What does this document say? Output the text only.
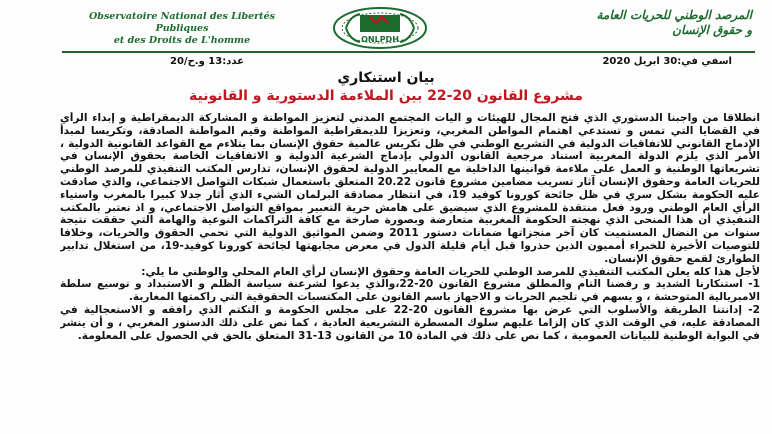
Observatoire National des Libertés Publiques
et des Droits de L'homme	ONLPDH
المرصد الوطني للحريات العامة
و حقوق الإنسان
عدد:13 و.ح/20	اسفي في:30 ابريل 2020
بيان استنكاري
مشروع القانون 20-22 بين الملاءمة الدستورية و القانونية

انطلاقا من واجبنا الدستوري الذي فتح المجال للهيئات و آليات المجتمع المدني لتعزيز المواطنة و المشاركة الديمقراطية و إبداء الرأي في القضايا التي تمس و تستدعي اهتمام المواطن المغربي، وتعزيزا للديمقراطية المواطنة وقيم المواطنة الصادقة، وتكريسا لمبدأ الإدماج القانوني للاتفاقيات الدولية في التشريع الوطني في ظل تكريس عالمية حقوق الإنسان بما يتلاءم مع القواعد القانونية الدولية ، الأمر الذي يلزم الدولة المغربية استناد مرجعية القانون الدولي بإدماج الشرعية الدولية و الاتفاقيات الخاصة بحقوق الإنسان في تشريعاتها الوطنية و العمل على ملاءمة قوانينها الداخلية مع المعايير الدولية لحقوق الإنسان، تدارس المكتب التنفيذي للمرصد الوطني للحريات العامة وحقوق الإنسان آثار تسريب مضامين مشروع قانون 20.22 المتعلق باستعمال شبكات التواصل الاجتماعي، والذي صادقت عليه الحكومة بشكل سري في ظل جائحة كورونا كوفيد 19، في انتظار مصادقة البرلمان الشيء الذي أثار جدلا كبيرا بالمغرب واستياء الرأي العام الوطني ورود فعل منتقدة للمشروع الذي سيضيق على هامش حرية التعبير بمواقع التواصل الاجتماعي، و اذ نعتبر بالمكتب التنفيذي أن هذا المنحى الذي نهجته الحكومة المغربية متعارضة وبصورة صارخة مع كافة التراكمات النوعية والهامة التي حققت نتيجة سنوات من النضال المستميت كان آخر منجزاتها ضمانات دستور 2011 وضمن المواثيق الدولية التي تحمي الحقوق والحريات، وخلافا للتوصيات الأخيرة للخبراء أمميون الذين حذروا قبل أيام قليلة الدول في معرض مجابهتها لجائحة كورونا كوفيد-19، من استغلال تدابير الطوارئ لقمع حقوق الإنسان.

لأجل هذا كله يعلن المكتب التنفيذي للمرصد الوطني للحريات العامة وحقوق الإنسان لرأي العام المحلي والوطني ما يلي:

1- استنكارنا الشديد و رفضنا التام والمطلق مشروع القانون 20-22،والذي يدعوا لشرعنة سياسة الظلم و الاستبداد و توسيع سلطة الامبريالية المتوحشة ، و يسهم في تلجيم الحريات و الاجهاز باسم القانون على المكتسبات الحقوقية التي راكمتها المغاربة.

2- إدانتنا الطريقة والأسلوب التي عرض بها مشروع القانون 20-22 على مجلس الحكومة و التكتم الذي رافقه و الاستعجالية في المصادقة عليه، في الوقت الذي كان إلزاما عليهم سلوك المسطرة التشريعية العادية ، كما نص على ذلك الدستور المغربي ، و أن ينشر في البوابة الوطنية للبيانات العمومية ، كما نص على ذلك في المادة 10 من القانون 13-31 المتعلق بالحق في الحصول على المعلومة.
